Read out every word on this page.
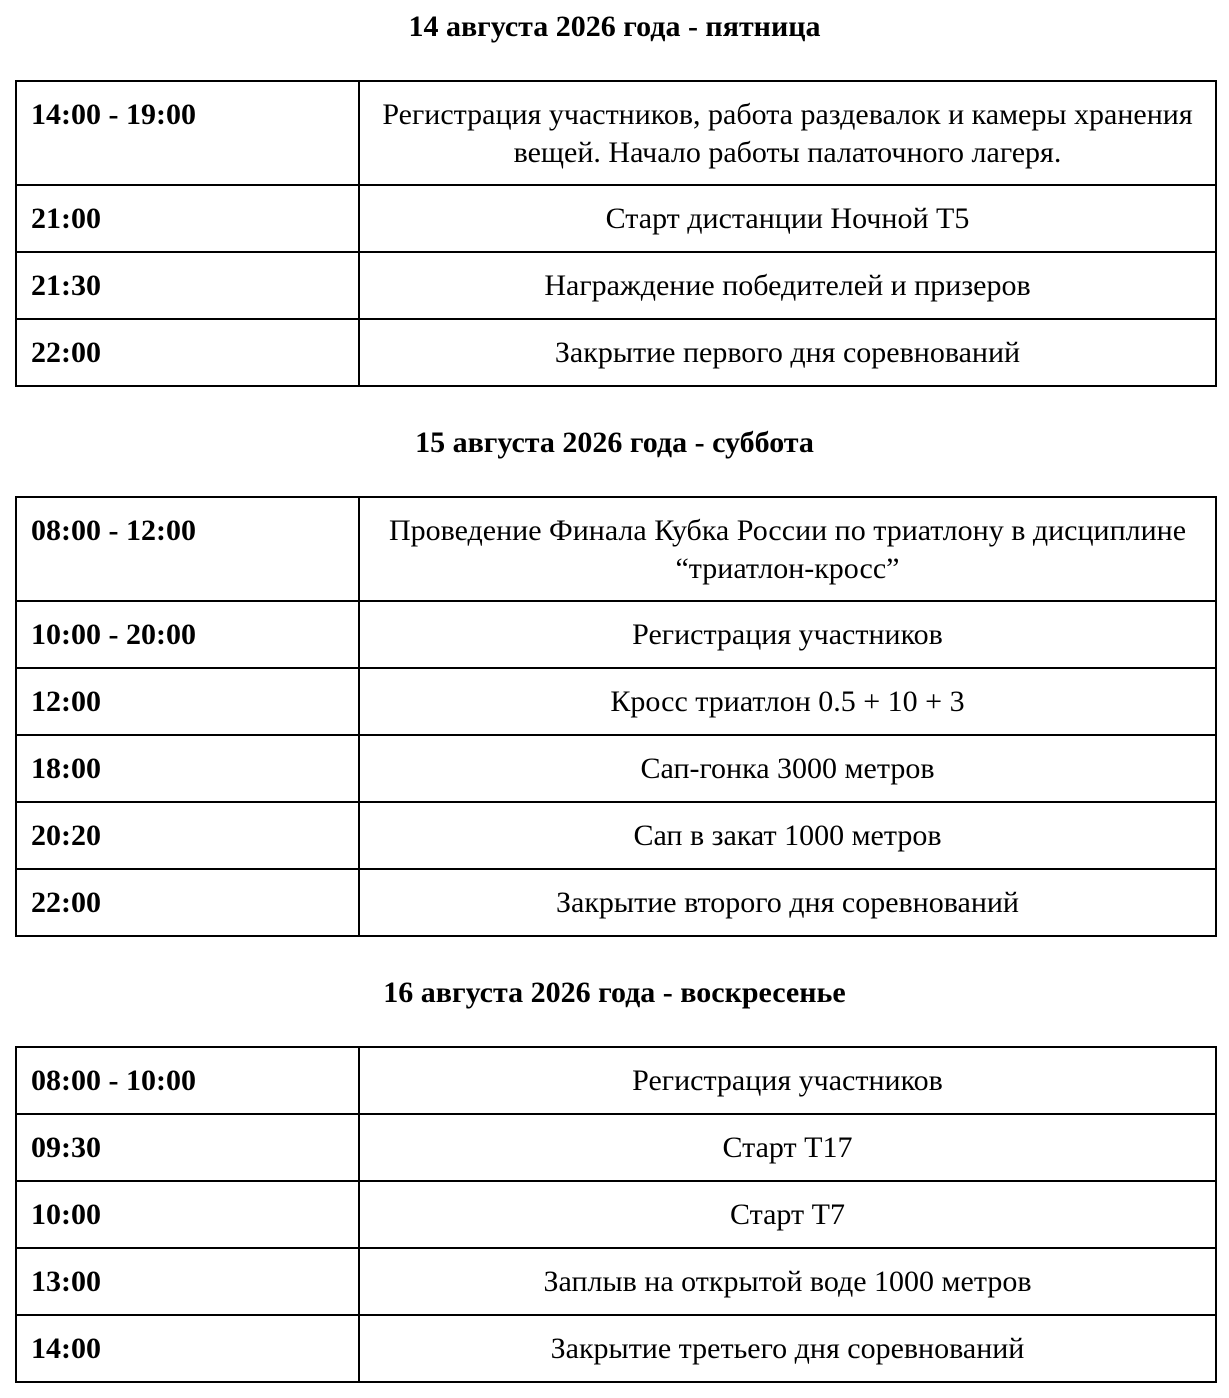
14 августа 2026 года - пятница
14:00 - 19:00	Регистрация участников, работа раздевалок и камеры хранения вещей. Начало работы палаточного лагеря.
21:00	Старт дистанции Ночной Т5
21:30	Награждение победителей и призеров
22:00	Закрытие первого дня соревнований
15 августа 2026 года - суббота
08:00 - 12:00	Проведение Финала Кубка России по триатлону в дисциплине “триатлон-кросс”
10:00 - 20:00	Регистрация участников
12:00	Кросс триатлон 0.5 + 10 + 3
18:00	Сап-гонка 3000 метров
20:20	Сап в закат 1000 метров
22:00	Закрытие второго дня соревнований
16 августа 2026 года - воскресенье
08:00 - 10:00	Регистрация участников
09:30	Старт Т17
10:00	Старт Т7
13:00	Заплыв на открытой воде 1000 метров
14:00	Закрытие третьего дня соревнований
